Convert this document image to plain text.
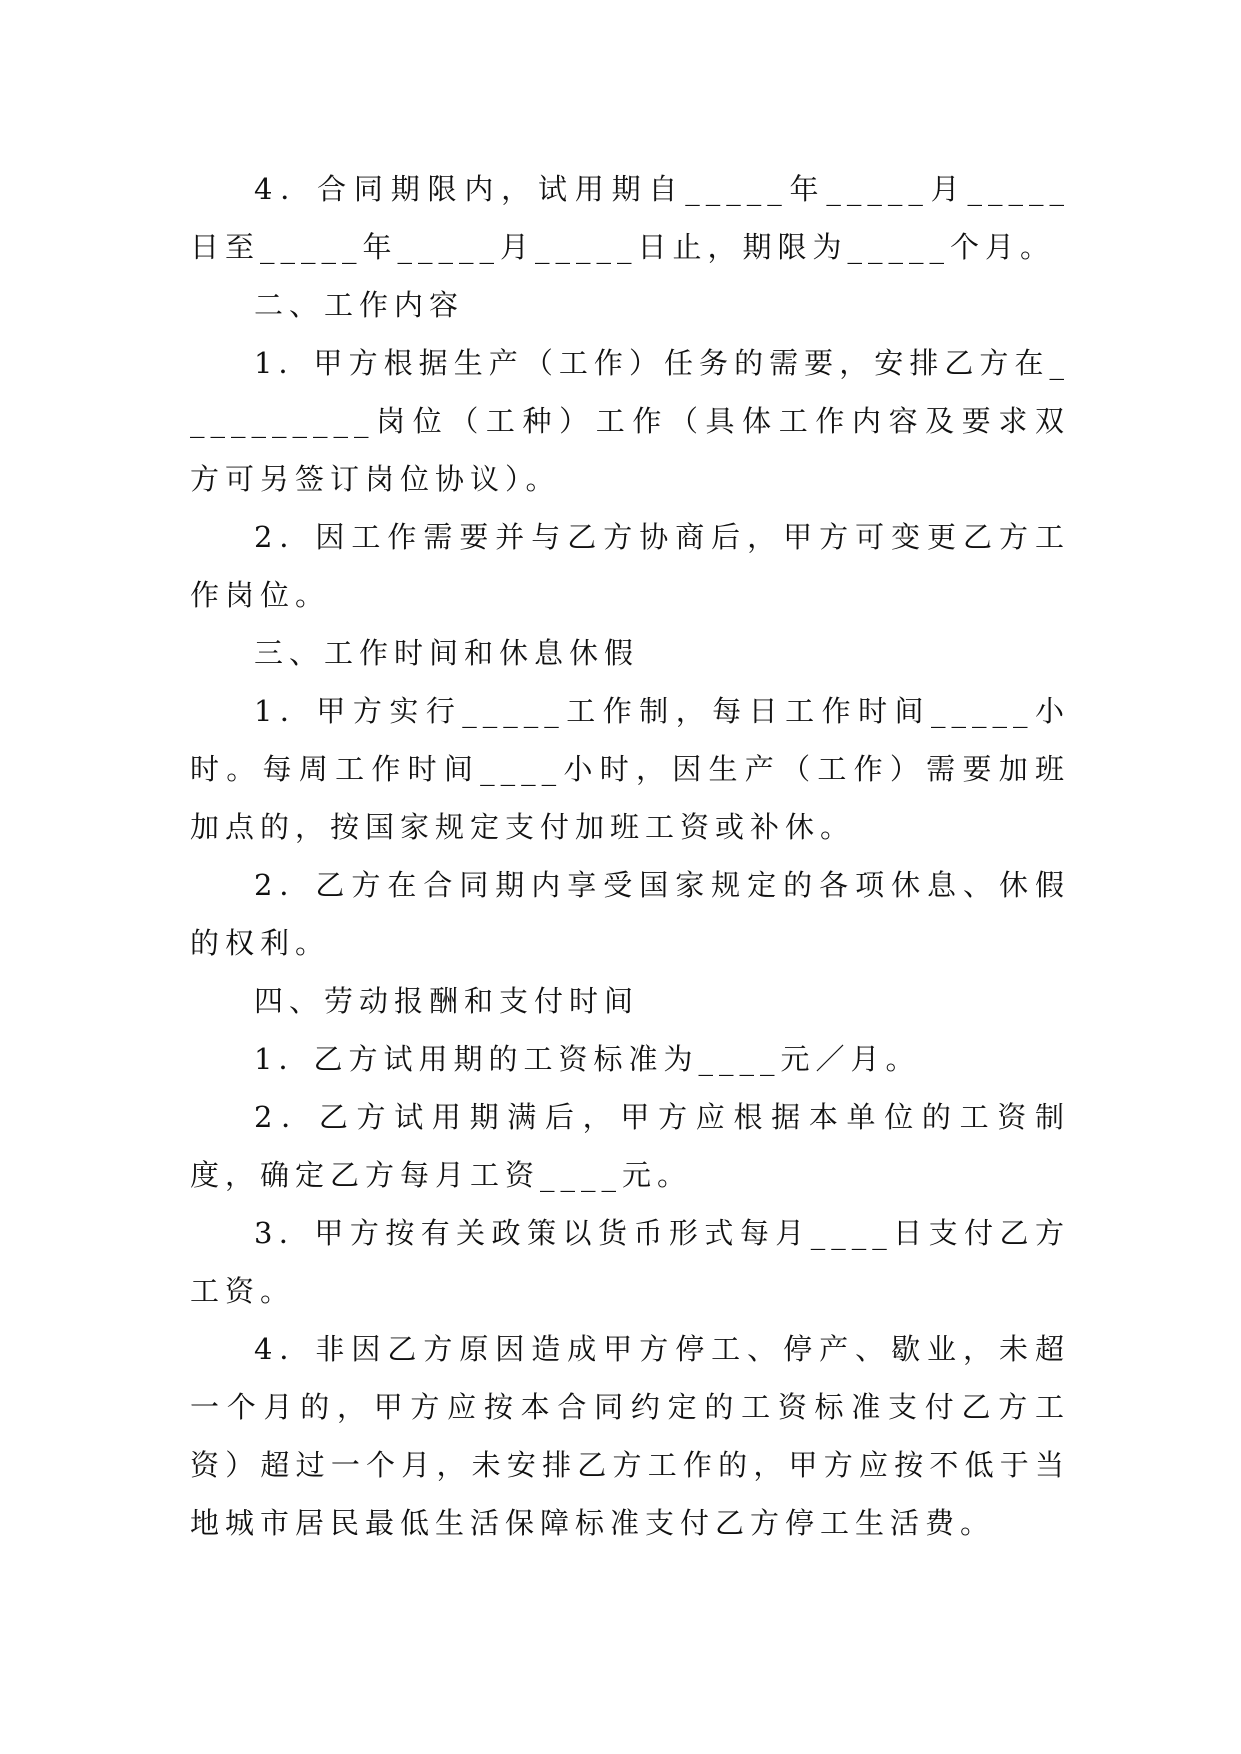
4．合同期限内，试用期自_____年_____月_____日至_____年_____月_____日止，期限为_____个月。

二、工作内容

1．甲方根据生产（工作）任务的需要，安排乙方在__________岗位（工种）工作（具体工作内容及要求双方可另签订岗位协议）。

2．因工作需要并与乙方协商后，甲方可变更乙方工作岗位。

三、工作时间和休息休假

1．甲方实行_____工作制，每日工作时间_____小时。每周工作时间____小时，因生产（工作）需要加班加点的，按国家规定支付加班工资或补休。

2．乙方在合同期内享受国家规定的各项休息、休假的权利。

四、劳动报酬和支付时间

1．乙方试用期的工资标准为____元／月。

2．乙方试用期满后，甲方应根据本单位的工资制度，确定乙方每月工资____元。

3．甲方按有关政策以货币形式每月____日支付乙方工资。

4．非因乙方原因造成甲方停工、停产、歇业，未超一个月的，甲方应按本合同约定的工资标准支付乙方工资）超过一个月，未安排乙方工作的，甲方应按不低于当地城市居民最低生活保障标准支付乙方停工生活费。
